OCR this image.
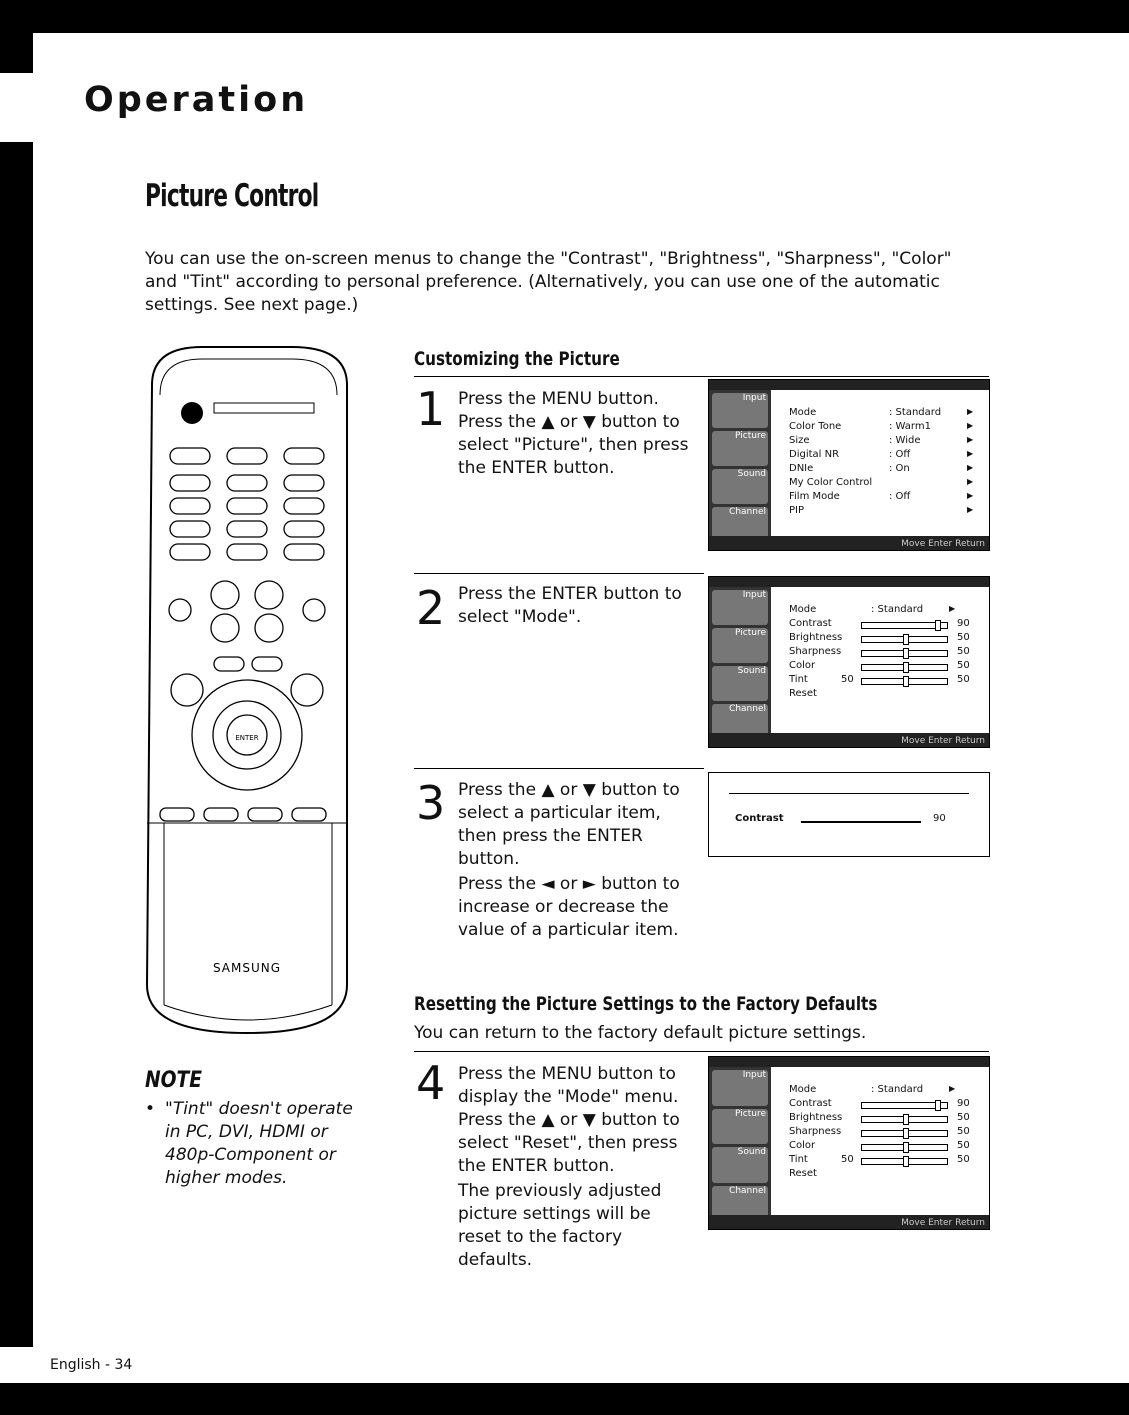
Operation
Picture Control
You can use the on-screen menus to change the "Contrast", "Brightness", "Sharpness", "Color" and "Tint" according to personal preference. (Alternatively, you can use one of the automatic settings. See next page.)
SAMSUNG
ENTER
NOTE
• "Tint" doesn't operate in PC, DVI, HDMI or 480p-Component or higher modes.
Customizing the Picture
1 Press the MENU button. Press the ▲ or ▼ button to select "Picture", then press the ENTER button.
2 Press the ENTER button to select "Mode".
3 Press the ▲ or ▼ button to select a particular item, then press the ENTER button.
Press the ◄ or ► button to increase or decrease the value of a particular item.
Resetting the Picture Settings to the Factory Defaults
You can return to the factory default picture settings.
4 Press the MENU button to display the "Mode" menu. Press the ▲ or ▼ button to select "Reset", then press the ENTER button.
The previously adjusted picture settings will be reset to the factory defaults.
Input
Picture
Sound
Channel
Move Enter Return
Mode	: Standard	▶
Color Tone	: Warm1	▶
Size	: Wide	▶
Digital NR	: Off	▶
DNIe	: On	▶
My Color Control	▶
Film Mode	: Off	▶
PIP	▶
Input
Picture
Sound
Channel
Move Enter Return
Mode	: Standard	▶
Contrast	90
Brightness	50
Sharpness	50
Color	50
Tint	50	50
Reset
Contrast	90
Input
Picture
Sound
Channel
Move Enter Return
Mode	: Standard	▶
Contrast	90
Brightness	50
Sharpness	50
Color	50
Tint	50	50
Reset
English - 34
